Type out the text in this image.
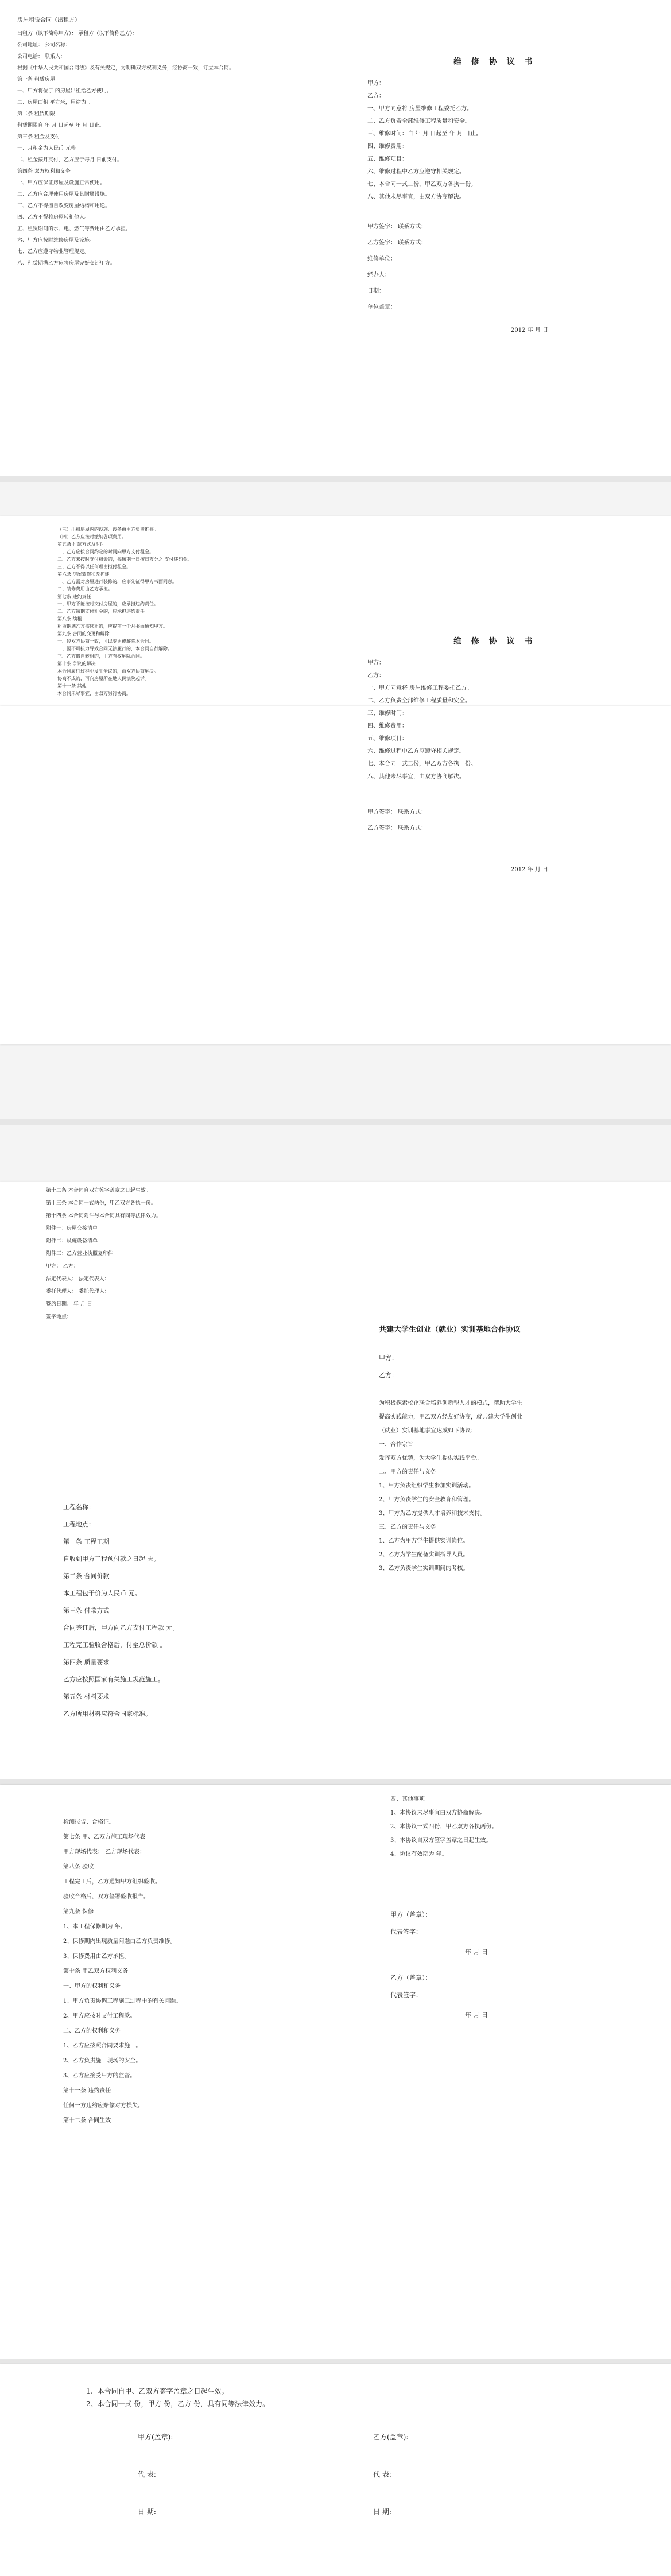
房屋租赁合同（出租方）
出租方（以下简称甲方）： 承租方（以下简称乙方）：
公司地址： 公司名称：
公司电话： 联系人：
根据《中华人民共和国合同法》及有关规定，为明确双方权利义务，经协商一致，订立本合同。
第一条 租赁房屋
一、甲方将位于 的房屋出租给乙方使用。
二、房屋面积 平方米，用途为 。
第二条 租赁期限
租赁期限自 年 月 日起至 年 月 日止。
第三条 租金及支付
一、月租金为人民币 元整。
二、租金按月支付，乙方应于每月 日前支付。
第四条 双方权利和义务
一、甲方应保证房屋及设施正常使用。
二、乙方应合理使用房屋及其附属设施。
三、乙方不得擅自改变房屋结构和用途。
四、乙方不得将房屋转租他人。
五、租赁期间的水、电、燃气等费用由乙方承担。
六、甲方应按时维修房屋及设施。
七、乙方应遵守物业管理规定。
八、租赁期满乙方应将房屋完好交还甲方。
维 修 协 议 书
甲方：
乙方：
一、甲方同意将 房屋维修工程委托乙方。
二、乙方负责全部维修工程质量和安全。
三、维修时间：自 年 月 日起至 年 月 日止。
四、维修费用：
五、维修项目：
六、维修过程中乙方应遵守相关规定。
七、本合同一式二份，甲乙双方各执一份。
八、其他未尽事宜，由双方协商解决。
甲方签字： 联系方式：
乙方签字： 联系方式：
维修单位：
经办人：
日期：
单位盖章：
2012 年 月 日
（三）出租房屋内的设施、设备由甲方负责维修。
（四）乙方应按时缴纳各项费用。
第五条 付款方式及时间
一、乙方应按合同约定的时间向甲方支付租金。
二、乙方未按时支付租金的，每逾期一日按日万分之 支付违约金。
三、乙方不得以任何理由拒付租金。
第六条 房屋装修和改扩建
一、乙方需对房屋进行装修的，应事先征得甲方书面同意。
二、装修费用由乙方承担。
第七条 违约责任
一、甲方不能按时交付房屋的，应承担违约责任。
二、乙方逾期支付租金的，应承担违约责任。
第八条 续租
租赁期满乙方需续租的，应提前一个月书面通知甲方。
第九条 合同的变更和解除
一、经双方协商一致，可以变更或解除本合同。
二、因不可抗力导致合同无法履行的，本合同自行解除。
三、乙方擅自转租的，甲方有权解除合同。
第十条 争议的解决
本合同履行过程中发生争议的，由双方协商解决。
协商不成的，可向房屋所在地人民法院起诉。
第十一条 其他
本合同未尽事宜，由双方另行协商。
维 修 协 议 书
甲方：
乙方：
一、甲方同意将 房屋维修工程委托乙方。
二、乙方负责全部维修工程质量和安全。
三、维修时间：
四、维修费用：
五、维修项目：
六、维修过程中乙方应遵守相关规定。
七、本合同一式二份，甲乙双方各执一份。
八、其他未尽事宜，由双方协商解决。
甲方签字： 联系方式：
乙方签字： 联系方式：
2012 年 月 日
第十二条 本合同自双方签字盖章之日起生效。
第十三条 本合同一式两份，甲乙双方各执一份。
第十四条 本合同附件与本合同具有同等法律效力。
附件一：房屋交接清单
附件二：设施设备清单
附件三：乙方营业执照复印件
甲方： 乙方：
法定代表人： 法定代表人：
委托代理人： 委托代理人：
签约日期： 年 月 日
签字地点：
工程名称：
工程地点：
第一条 工程工期
自收到甲方工程预付款之日起 天。
第二条 合同价款
本工程包干价为人民币 元。
第三条 付款方式
合同签订后，甲方向乙方支付工程款 元。
工程完工验收合格后，付至总价款 。
第四条 质量要求
乙方应按照国家有关施工规范施工。
第五条 材料要求
乙方所用材料应符合国家标准。
共建大学生创业（就业）实训基地合作协议
甲方：
乙方：
为积极探索校企联合培养创新型人才的模式，帮助大学生
提高实践能力，甲乙双方经友好协商，就共建大学生创业
（就业）实训基地事宜达成如下协议：
一、合作宗旨
发挥双方优势，为大学生提供实践平台。
二、甲方的责任与义务
1、甲方负责组织学生参加实训活动。
2、甲方负责学生的安全教育和管理。
3、甲方为乙方提供人才培养和技术支持。
三、乙方的责任与义务
1、乙方为甲方学生提供实训岗位。
2、乙方为学生配备实训指导人员。
3、乙方负责学生实训期间的考核。
检测报告、合格证。
第七条 甲、乙双方施工现场代表
甲方现场代表： 乙方现场代表：
第八条 验收
工程完工后，乙方通知甲方组织验收。
验收合格后，双方签署验收报告。
第九条 保修
1、本工程保修期为 年。
2、保修期内出现质量问题由乙方负责维修。
3、保修费用由乙方承担。
第十条 甲乙双方权利义务
一、甲方的权利和义务
1、甲方负责协调工程施工过程中的有关问题。
2、甲方应按时支付工程款。
二、乙方的权利和义务
1、乙方应按照合同要求施工。
2、乙方负责施工现场的安全。
3、乙方应接受甲方的监督。
第十一条 违约责任
任何一方违约应赔偿对方损失。
第十二条 合同生效
四、其他事项
1、本协议未尽事宜由双方协商解决。
2、本协议一式四份，甲乙双方各执两份。
3、本协议自双方签字盖章之日起生效。
4、协议有效期为 年。
甲方（盖章）：
代表签字：
年 月 日
乙方（盖章）：
代表签字：
年 月 日
1、本合同自甲、乙双方签字盖章之日起生效。
2、本合同一式 份，甲方 份，乙方 份，具有同等法律效力。
甲方(盖章):	乙方(盖章):
代 表:	代 表:
日 期:	日 期:
